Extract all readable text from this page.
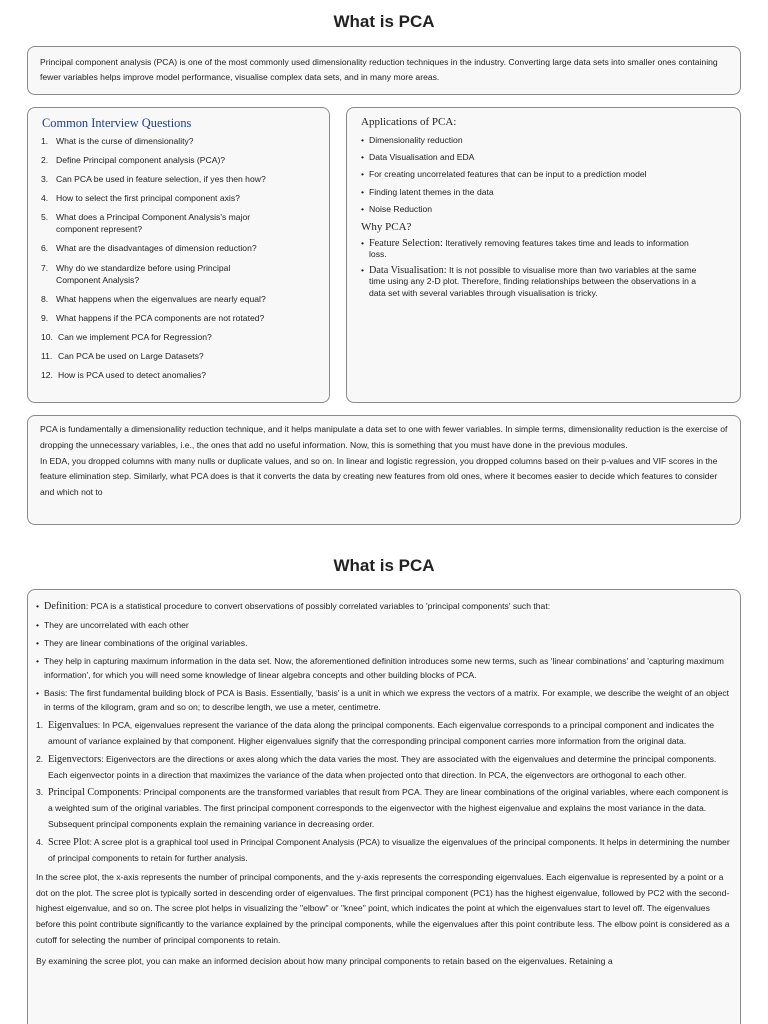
What is PCA

Principal component analysis (PCA) is one of the most commonly used dimensionality reduction techniques in the industry. Converting large data sets into smaller ones containing fewer variables helps improve model performance, visualise complex data sets, and in many more areas.

Common Interview Questions
1. What is the curse of dimensionality?
2. Define Principal component analysis (PCA)?
3. Can PCA be used in feature selection, if yes then how?
4. How to select the first principal component axis?
5. What does a Principal Component Analysis's major component represent?
6. What are the disadvantages of dimension reduction?
7. Why do we standardize before using Principal Component Analysis?
8. What happens when the eigenvalues are nearly equal?
9. What happens if the PCA components are not rotated?
10. Can we implement PCA for Regression?
11. Can PCA be used on Large Datasets?
12. How is PCA used to detect anomalies?
Applications of PCA:
• Dimensionality reduction
• Data Visualisation and EDA
• For creating uncorrelated features that can be input to a prediction model
• Finding latent themes in the data
• Noise Reduction
Why PCA?
• Feature Selection: Iteratively removing features takes time and leads to information loss.
• Data Visualisation: It is not possible to visualise more than two variables at the same time using any 2-D plot. Therefore, finding relationships between the observations in a data set with several variables through visualisation is tricky.

PCA is fundamentally a dimensionality reduction technique, and it helps manipulate a data set to one with fewer variables. In simple terms, dimensionality reduction is the exercise of dropping the unnecessary variables, i.e., the ones that add no useful information. Now, this is something that you must have done in the previous modules.

In EDA, you dropped columns with many nulls or duplicate values, and so on. In linear and logistic regression, you dropped columns based on their p-values and VIF scores in the feature elimination step. Similarly, what PCA does is that it converts the data by creating new features from old ones, where it becomes easier to decide which features to consider and which not to

What is PCA
• Definition: PCA is a statistical procedure to convert observations of possibly correlated variables to 'principal components' such that:
• They are uncorrelated with each other
• They are linear combinations of the original variables.
• They help in capturing maximum information in the data set. Now, the aforementioned definition introduces some new terms, such as 'linear combinations' and 'capturing maximum information', for which you will need some knowledge of linear algebra concepts and other building blocks of PCA.
• Basis: The first fundamental building block of PCA is Basis. Essentially, 'basis' is a unit in which we express the vectors of a matrix. For example, we describe the weight of an object in terms of the kilogram, gram and so on; to describe length, we use a meter, centimetre.
1. Eigenvalues: In PCA, eigenvalues represent the variance of the data along the principal components. Each eigenvalue corresponds to a principal component and indicates the amount of variance explained by that component. Higher eigenvalues signify that the corresponding principal component carries more information from the original data.
2. Eigenvectors: Eigenvectors are the directions or axes along which the data varies the most. They are associated with the eigenvalues and determine the principal components. Each eigenvector points in a direction that maximizes the variance of the data when projected onto that direction. In PCA, the eigenvectors are orthogonal to each other.
3. Principal Components: Principal components are the transformed variables that result from PCA. They are linear combinations of the original variables, where each component is a weighted sum of the original variables. The first principal component corresponds to the eigenvector with the highest eigenvalue and explains the most variance in the data. Subsequent principal components explain the remaining variance in decreasing order.
4. Scree Plot: A scree plot is a graphical tool used in Principal Component Analysis (PCA) to visualize the eigenvalues of the principal components. It helps in determining the number of principal components to retain for further analysis.

In the scree plot, the x-axis represents the number of principal components, and the y-axis represents the corresponding eigenvalues. Each eigenvalue is represented by a point or a dot on the plot. The scree plot is typically sorted in descending order of eigenvalues. The first principal component (PC1) has the highest eigenvalue, followed by PC2 with the second-highest eigenvalue, and so on. The scree plot helps in visualizing the "elbow" or "knee" point, which indicates the point at which the eigenvalues start to level off. The eigenvalues before this point contribute significantly to the variance explained by the principal components, while the eigenvalues after this point contribute less. The elbow point is considered as a cutoff for selecting the number of principal components to retain.

By examining the scree plot, you can make an informed decision about how many principal components to retain based on the eigenvalues. Retaining a
